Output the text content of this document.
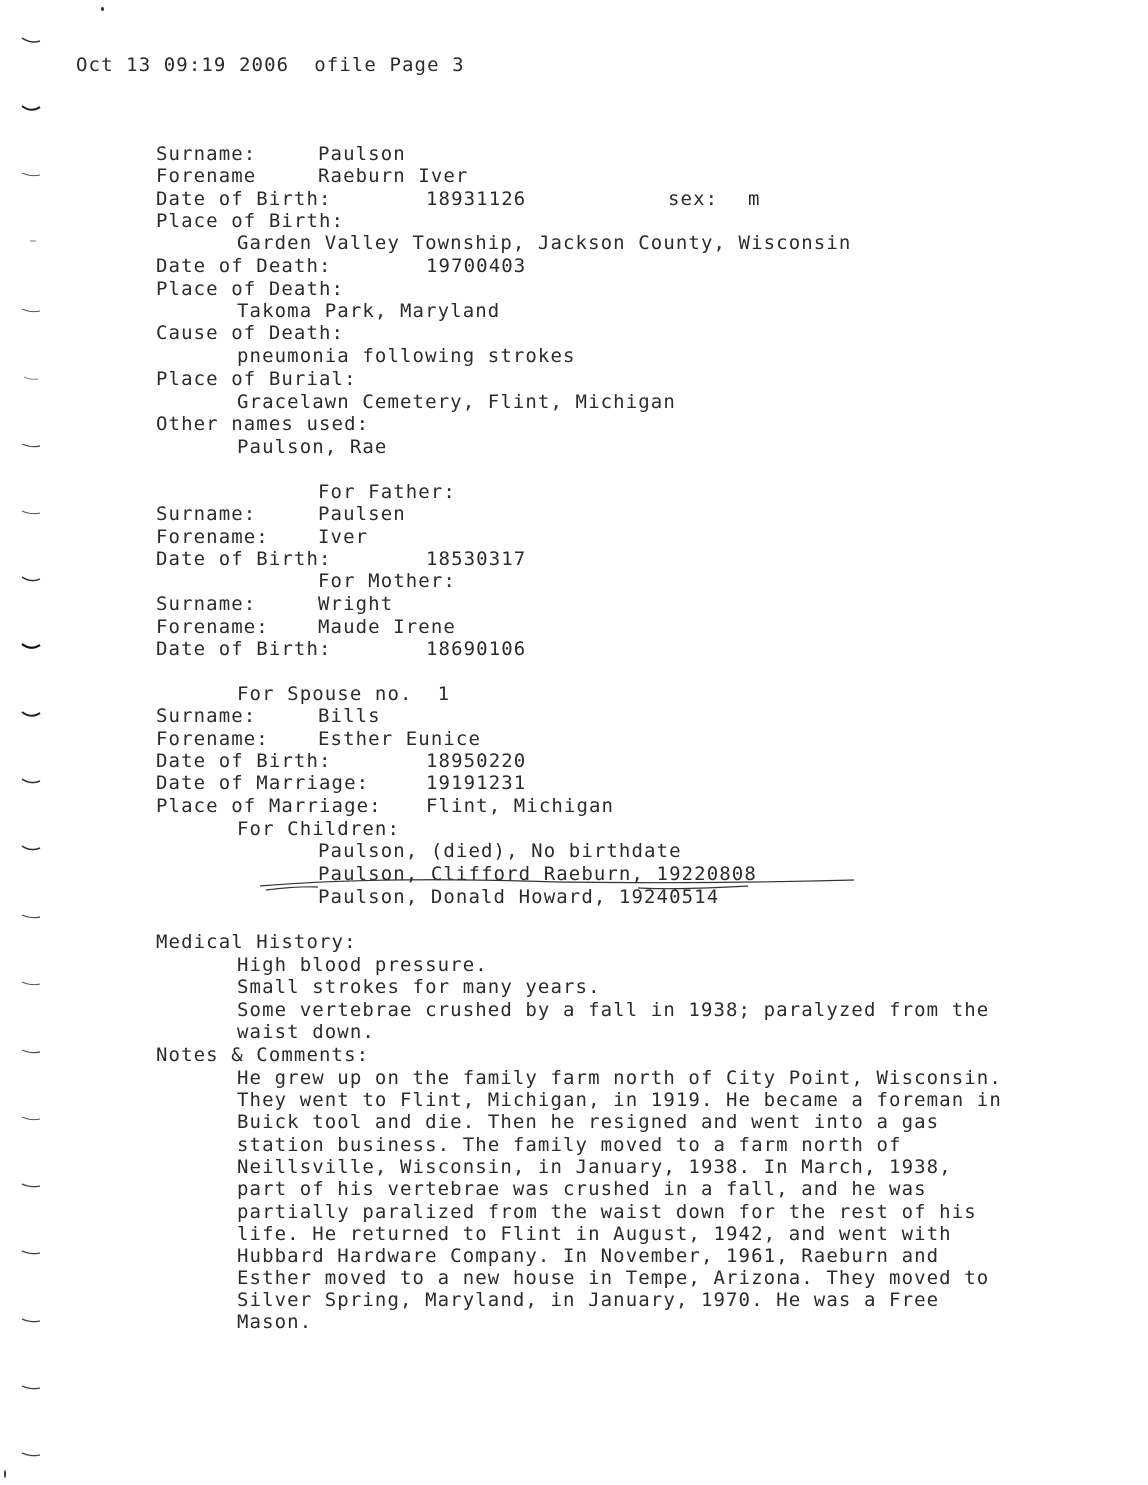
Oct 13 09:19 2006  ofile Page 3
Surname:	Paulson
Forename	Raeburn Iver
Date of Birth:	18931126	sex: m
Place of Birth:
Garden Valley Township, Jackson County, Wisconsin
Date of Death:	19700403
Place of Death:
Takoma Park, Maryland
Cause of Death:
pneumonia following strokes
Place of Burial:
Gracelawn Cemetery, Flint, Michigan
Other names used:
Paulson, Rae
For Father:
Surname:	Paulsen
Forename:	Iver
Date of Birth:	18530317
For Mother:
Surname:	Wright
Forename:	Maude Irene
Date of Birth:	18690106
For Spouse no.  1
Surname:	Bills
Forename:	Esther Eunice
Date of Birth:	18950220
Date of Marriage:	19191231
Place of Marriage: Flint, Michigan
For Children:
Paulson, (died), No birthdate
Paulson, Clifford Raeburn, 19220808
Paulson, Donald Howard, 19240514
Medical History:
High blood pressure.
Small strokes for many years.
Some vertebrae crushed by a fall in 1938; paralyzed from the
waist down.
Notes & Comments:
He grew up on the family farm north of City Point, Wisconsin.
They went to Flint, Michigan, in 1919. He became a foreman in
Buick tool and die. Then he resigned and went into a gas
station business. The family moved to a farm north of
Neillsville, Wisconsin, in January, 1938. In March, 1938,
part of his vertebrae was crushed in a fall, and he was
partially paralized from the waist down for the rest of his
life. He returned to Flint in August, 1942, and went with
Hubbard Hardware Company. In November, 1961, Raeburn and
Esther moved to a new house in Tempe, Arizona. They moved to
Silver Spring, Maryland, in January, 1970. He was a Free
Mason.
